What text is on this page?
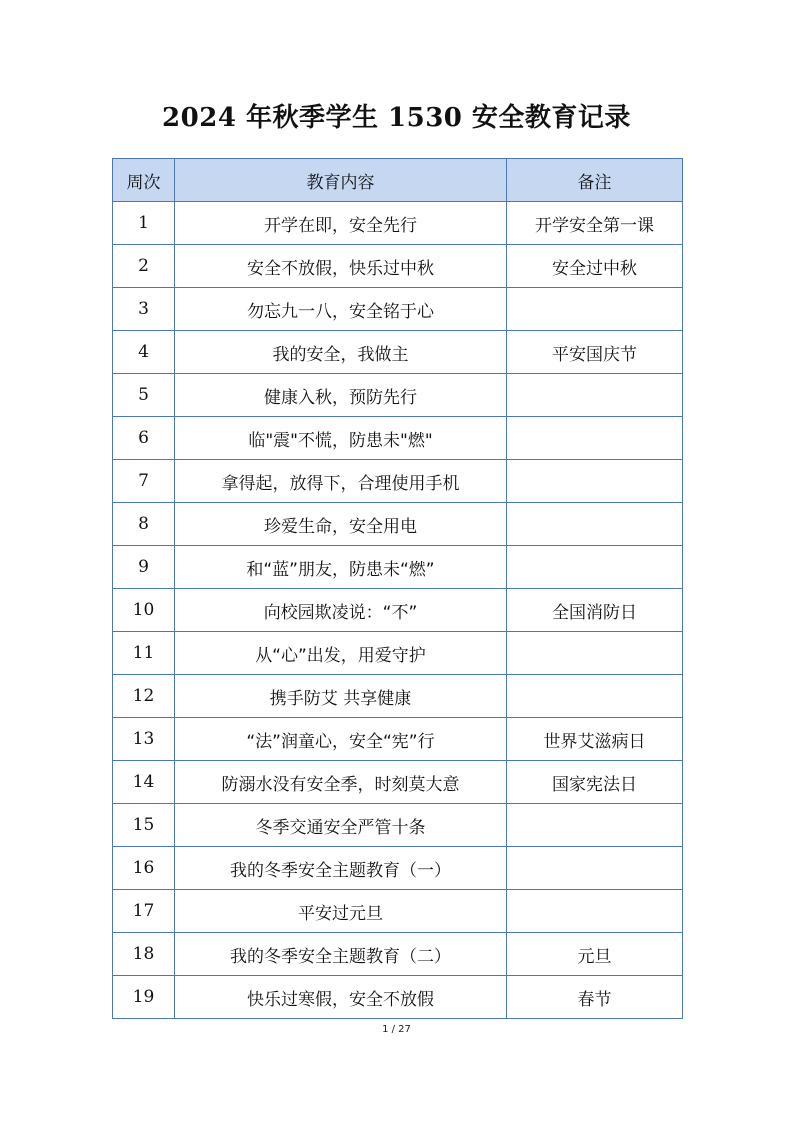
2024 年秋季学生 1530 安全教育记录
周次	教育内容	备注
1	开学在即，安全先行	开学安全第一课
2	安全不放假，快乐过中秋	安全过中秋
3	勿忘九一八，安全铭于心	
4	我的安全，我做主	平安国庆节
5	健康入秋，预防先行	
6	临"震"不慌，防患未"燃"	
7	拿得起，放得下，合理使用手机	
8	珍爱生命，安全用电	
9	和“蓝”朋友，防患未“燃”	
10	向校园欺凌说：“不”	全国消防日
11	从“心”出发，用爱守护	
12	携手防艾 共享健康	
13	“法”润童心，安全“宪”行	世界艾滋病日
14	防溺水没有安全季，时刻莫大意	国家宪法日
15	冬季交通安全严管十条	
16	我的冬季安全主题教育（一）	
17	平安过元旦	
18	我的冬季安全主题教育（二）	元旦
19	快乐过寒假，安全不放假	春节
1 / 27
